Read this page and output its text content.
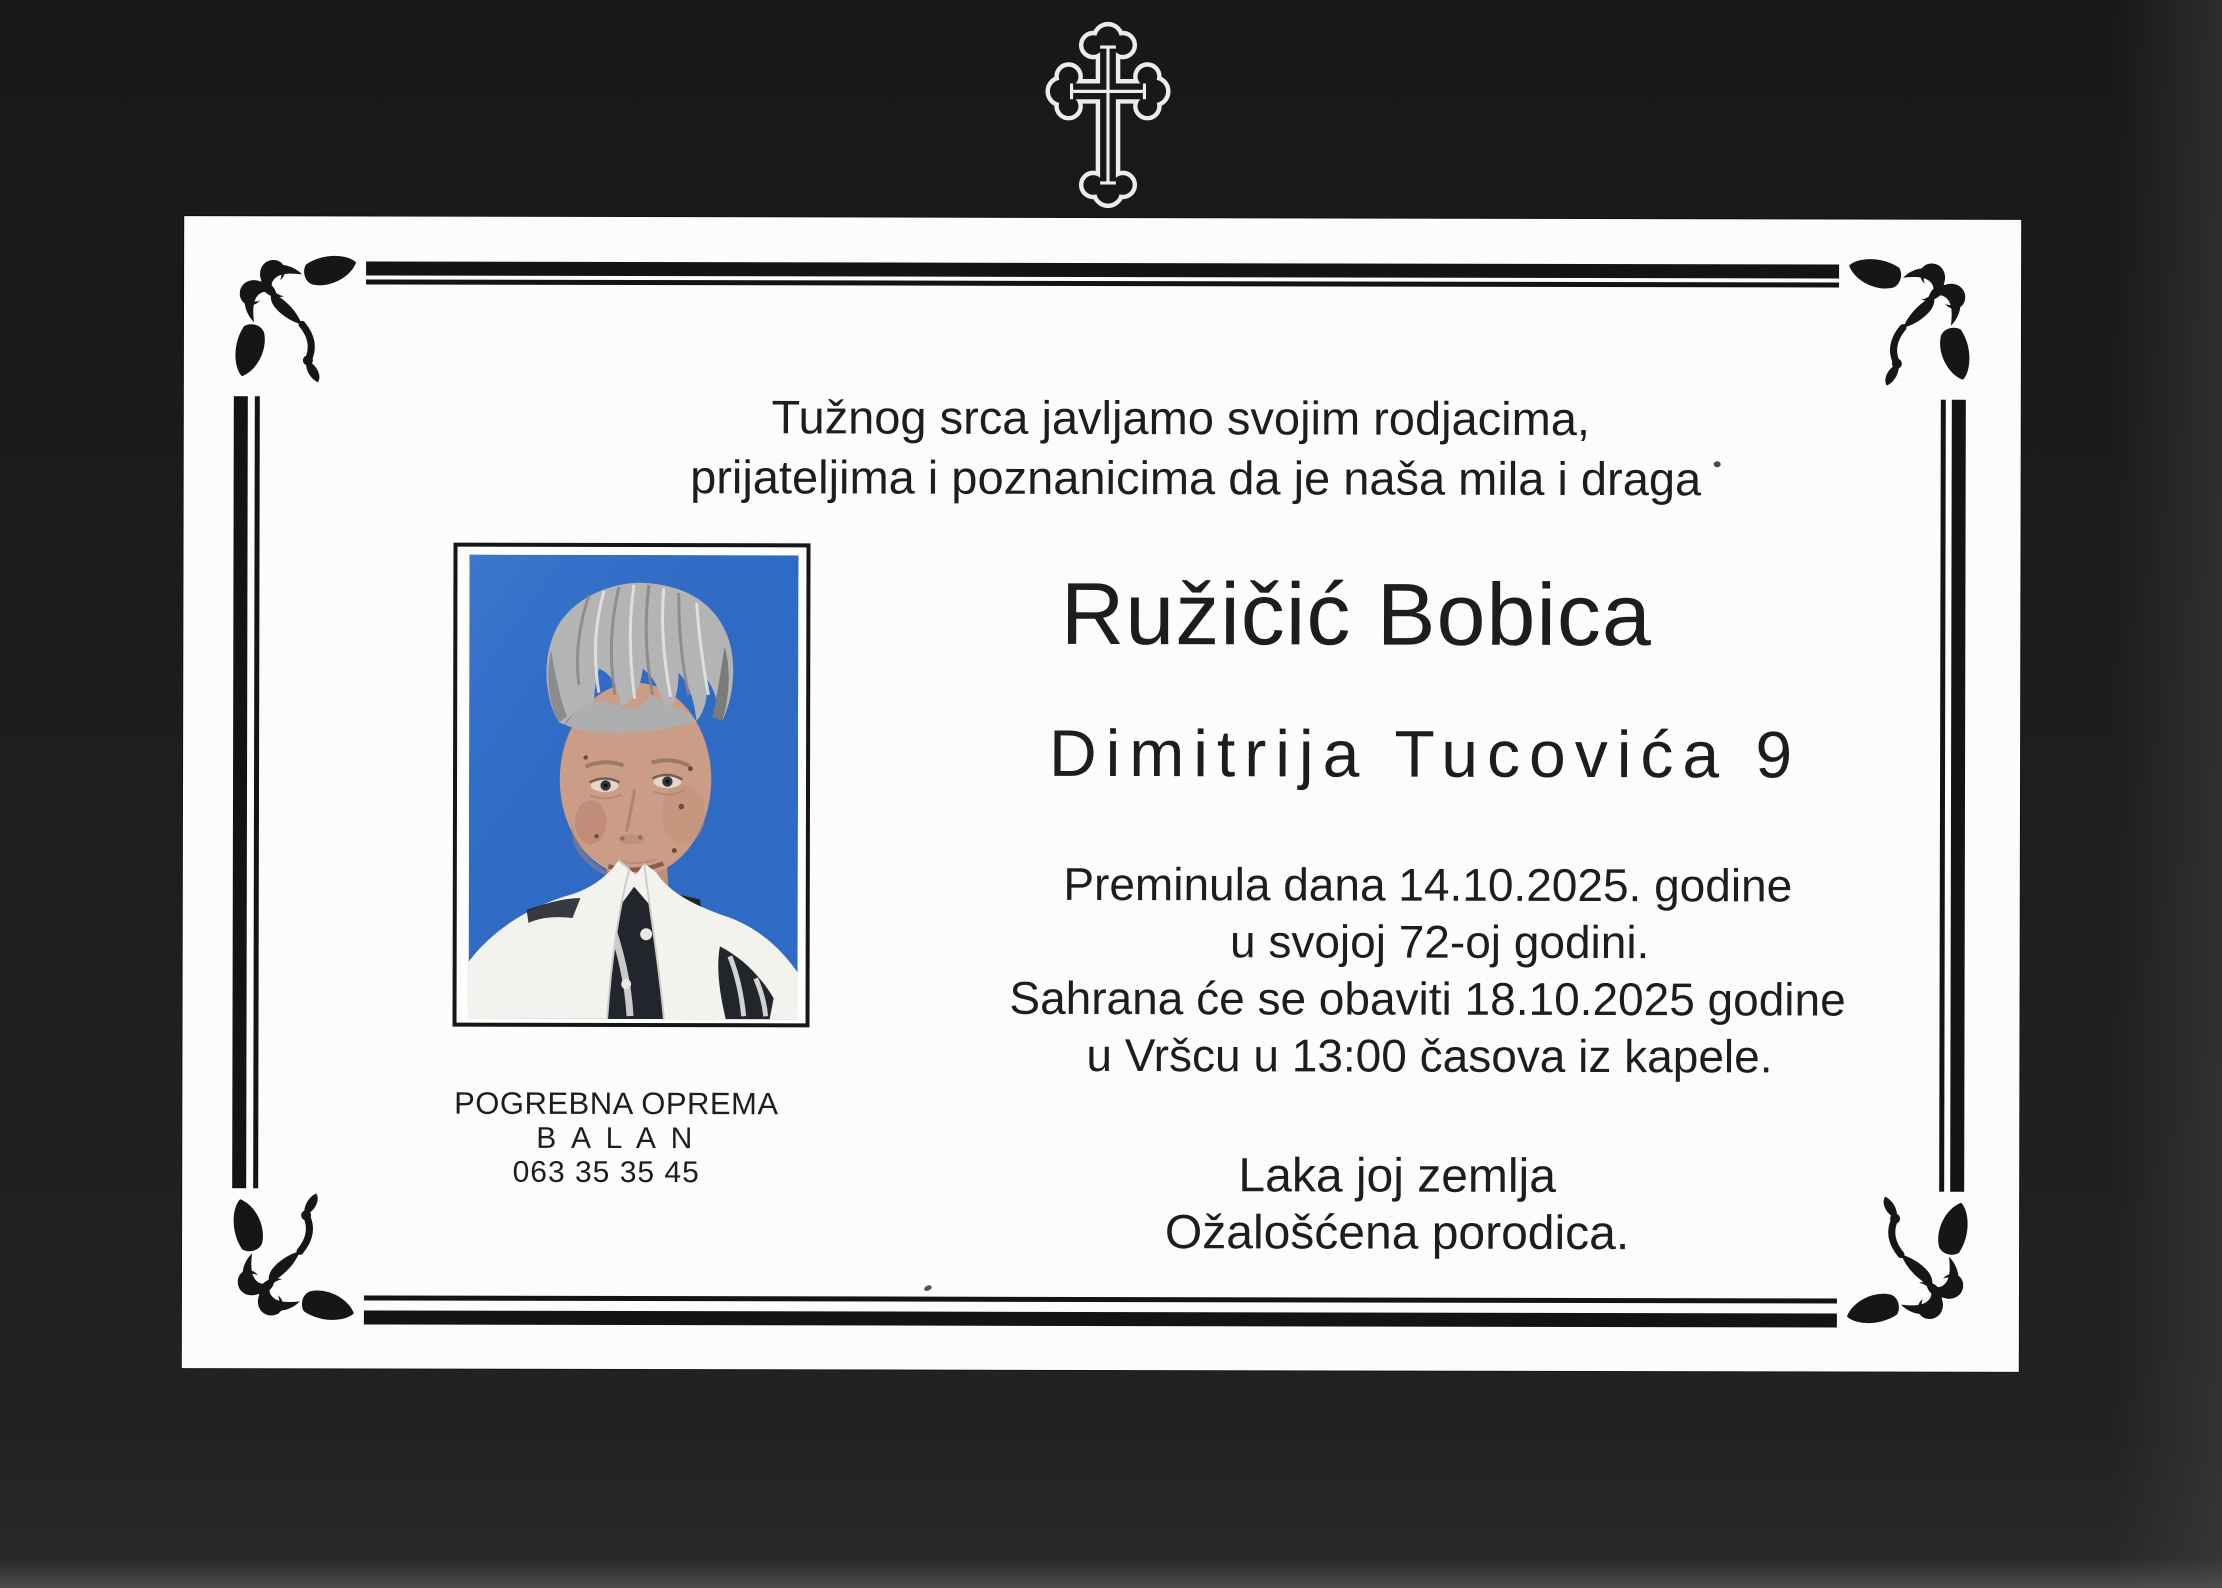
Tužnog srca javljamo svojim rodjacima,
prijateljima i poznanicima da je naša mila i draga
Ružičić Bobica
Dimitrija Tucovića 9
Preminula dana 14.10.2025. godine
u svojoj 72-oj godini.
Sahrana će se obaviti 18.10.2025 godine
u Vršcu u 13:00 časova iz kapele.
Laka joj zemlja
Ožalošćena porodica.
POGREBNA OPREMA
B A L A N
063 35 35 45
